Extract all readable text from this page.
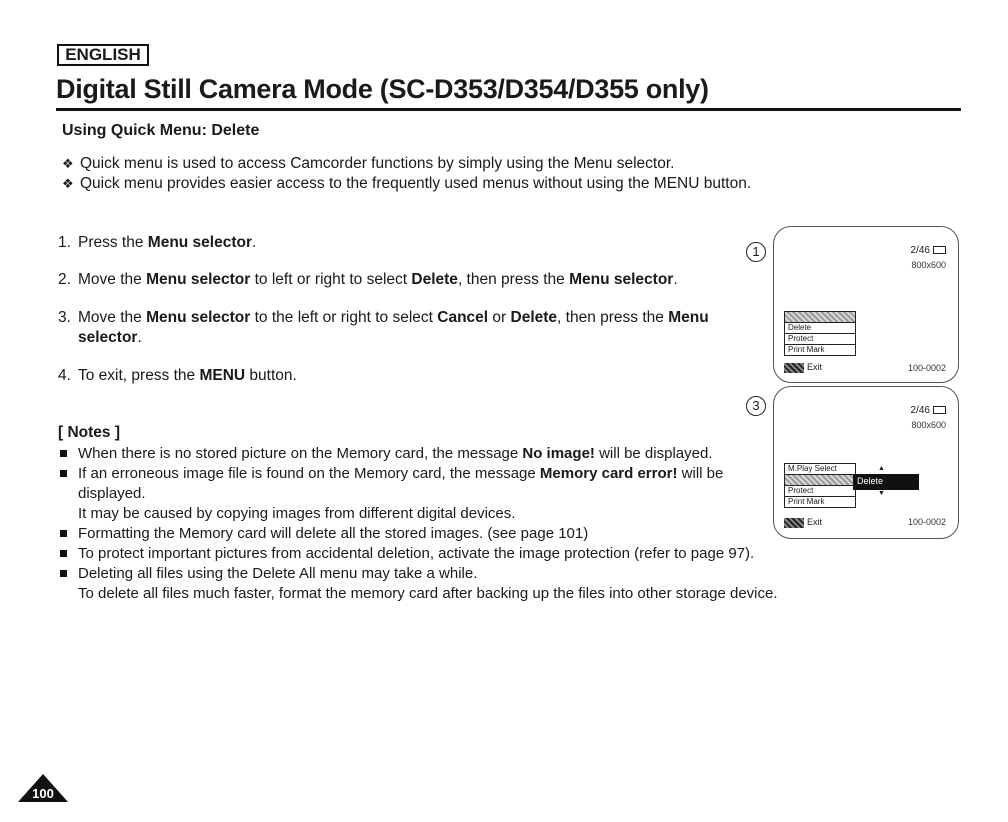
ENGLISH
Digital Still Camera Mode (SC-D353/D354/D355 only)
Using Quick Menu: Delete
❖ Quick menu is used to access Camcorder functions by simply using the Menu selector.
❖ Quick menu provides easier access to the frequently used menus without using the MENU button.
1. Press the Menu selector.
2. Move the Menu selector to left or right to select Delete, then press the Menu selector.
3. Move the Menu selector to the left or right to select Cancel or Delete, then press the Menu selector.
4. To exit, press the MENU button.
[ Notes ]
When there is no stored picture on the Memory card, the message No image! will be displayed.
If an erroneous image file is found on the Memory card, the message Memory card error! will be
displayed.
It may be caused by copying images from different digital devices.
Formatting the Memory card will delete all the stored images. (see page 101)
To protect important pictures from accidental deletion, activate the image protection (refer to page 97).
Deleting all files using the Delete All menu may take a while.
To delete all files much faster, format the memory card after backing up the files into other storage device.
1	2/46
800x600
Delete
Protect
Print Mark
Exit	100-0002
3	2/46
800x600
M.Play Select
Protect
Print Mark
▲
Delete
▼
Exit	100-0002
100
